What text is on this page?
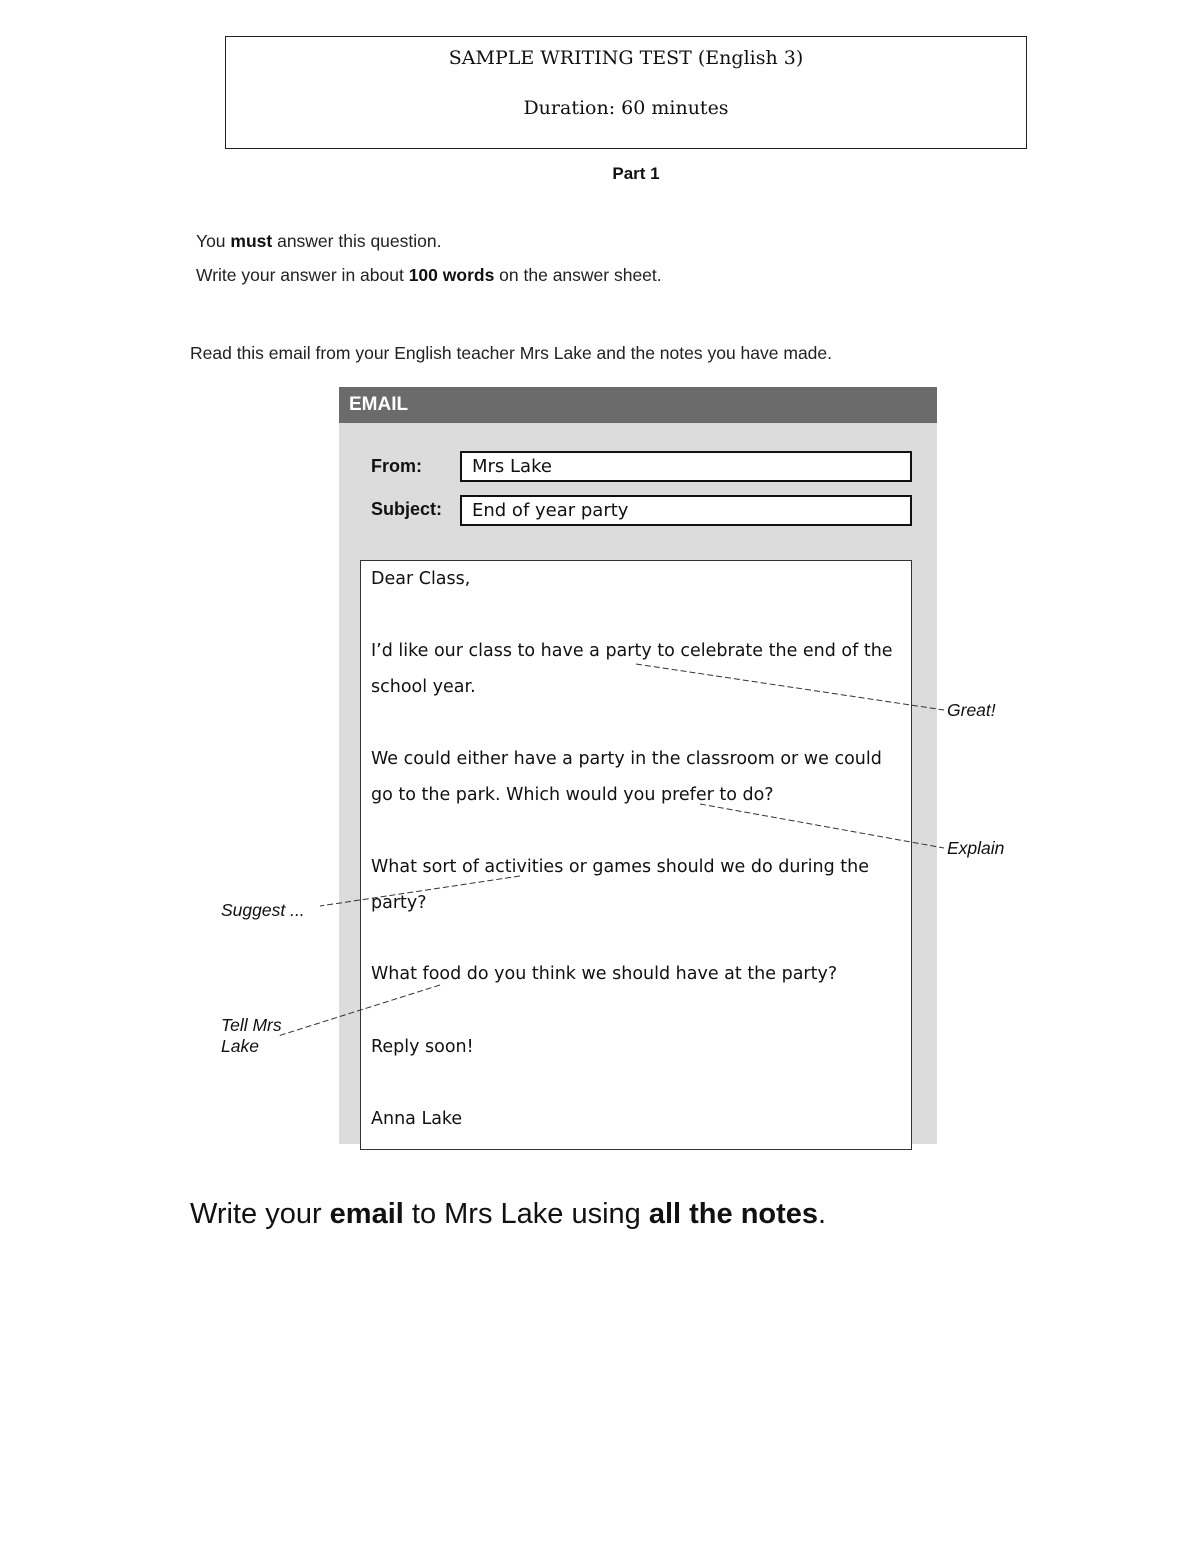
SAMPLE WRITING TEST (English 3)
Duration: 60 minutes
Part 1
You must answer this question.
Write your answer in about 100 words on the answer sheet.
Read this email from your English teacher Mrs Lake and the notes you have made.
EMAIL
From:	Mrs Lake
Subject:	End of year party
Dear Class,
I’d like our class to have a party to celebrate the end of the
school year.
We could either have a party in the classroom or we could
go to the park. Which would you prefer to do?
What sort of activities or games should we do during the
party?
What food do you think we should have at the party?
Reply soon!
Anna Lake
Great!
Explain
Suggest ...
Tell Mrs
Lake
Write your email to Mrs Lake using all the notes.
